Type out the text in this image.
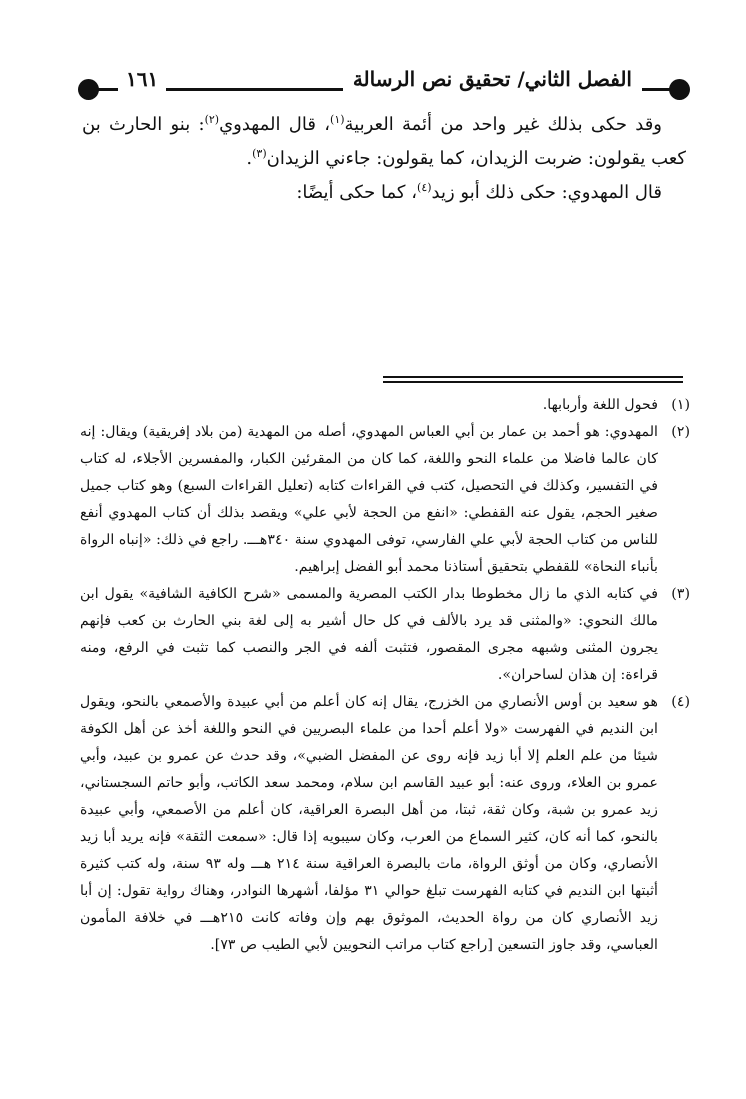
الفصل الثاني/ تحقيق نص الرسالة
١٦١

وقد حكى بذلك غير واحد من أئمة العربية$^{(١)}$، قال المهدوي$^{(٢)}$: بنو الحارث بن كعب يقولون: ضربت الزيدان، كما يقولون: جاءني الزيدان$^{(٣)}$.

قال المهدوي: حكى ذلك أبو زيد$^{(٤)}$، كما حكى أيضًا:

(١)
فحول اللغة وأربابها.
(٢)
المهدوي: هو أحمد بن عمار بن أبي العباس المهدوي، أصله من المهدية (من بلاد إفريقية) ويقال: إنه كان عالما فاضلا من علماء النحو واللغة، كما كان من المقرئين الكبار، والمفسرين الأجلاء، له كتاب في التفسير، وكذلك في التحصيل، كتب في القراءات كتابه (تعليل القراءات السبع) وهو كتاب جميل صغير الحجم، يقول عنه القفطي: «انفع من الحجة لأبي علي» ويقصد بذلك أن كتاب المهدوي أنفع للناس من كتاب الحجة لأبي علي الفارسي، توفى المهدوي سنة ٣٤٠هـــ. راجع في ذلك: «إنباه الرواة بأنباء النحاة» للقفطي بتحقيق أستاذنا محمد أبو الفضل إبراهيم.
(٣)
في كتابه الذي ما زال مخطوطا بدار الكتب المصرية والمسمى «شرح الكافية الشافية» يقول ابن مالك النحوي: «والمثنى قد يرد بالألف في كل حال أشير به إلى لغة بني الحارث بن كعب فإنهم يجرون المثنى وشبهه مجرى المقصور، فتثبت ألفه في الجر والنصب كما تثبت في الرفع، ومنه قراءة: إن هذان لساحران».
(٤)
هو سعيد بن أوس الأنصاري من الخزرج، يقال إنه كان أعلم من أبي عبيدة والأصمعي بالنحو، ويقول ابن النديم في الفهرست «ولا أعلم أحدا من علماء البصريين في النحو واللغة أخذ عن أهل الكوفة شيئا من علم العلم إلا أبا زيد فإنه روى عن المفضل الضبي»، وقد حدث عن عمرو بن عبيد، وأبي عمرو بن العلاء، وروى عنه: أبو عبيد القاسم ابن سلام، ومحمد سعد الكاتب، وأبو حاتم السجستاني، زيد عمرو بن شبة، وكان ثقة، ثبتا، من أهل البصرة العراقية، كان أعلم من الأصمعي، وأبي عبيدة بالنحو، كما أنه كان، كثير السماع من العرب، وكان سيبويه إذا قال: «سمعت الثقة» فإنه يريد أبا زيد الأنصاري، وكان من أوثق الرواة، مات بالبصرة العراقية سنة ٢١٤ هـــ وله ٩٣ سنة، وله كتب كثيرة أثبتها ابن النديم في كتابه الفهرست تبلغ حوالي ٣١ مؤلفا، أشهرها النوادر، وهناك رواية تقول: إن أبا زيد الأنصاري كان من رواة الحديث، الموثوق بهم وإن وفاته كانت ٢١٥هـــ في خلافة المأمون العباسي، وقد جاوز التسعين [راجع كتاب مراتب النحويين لأبي الطيب ص ٧٣].
